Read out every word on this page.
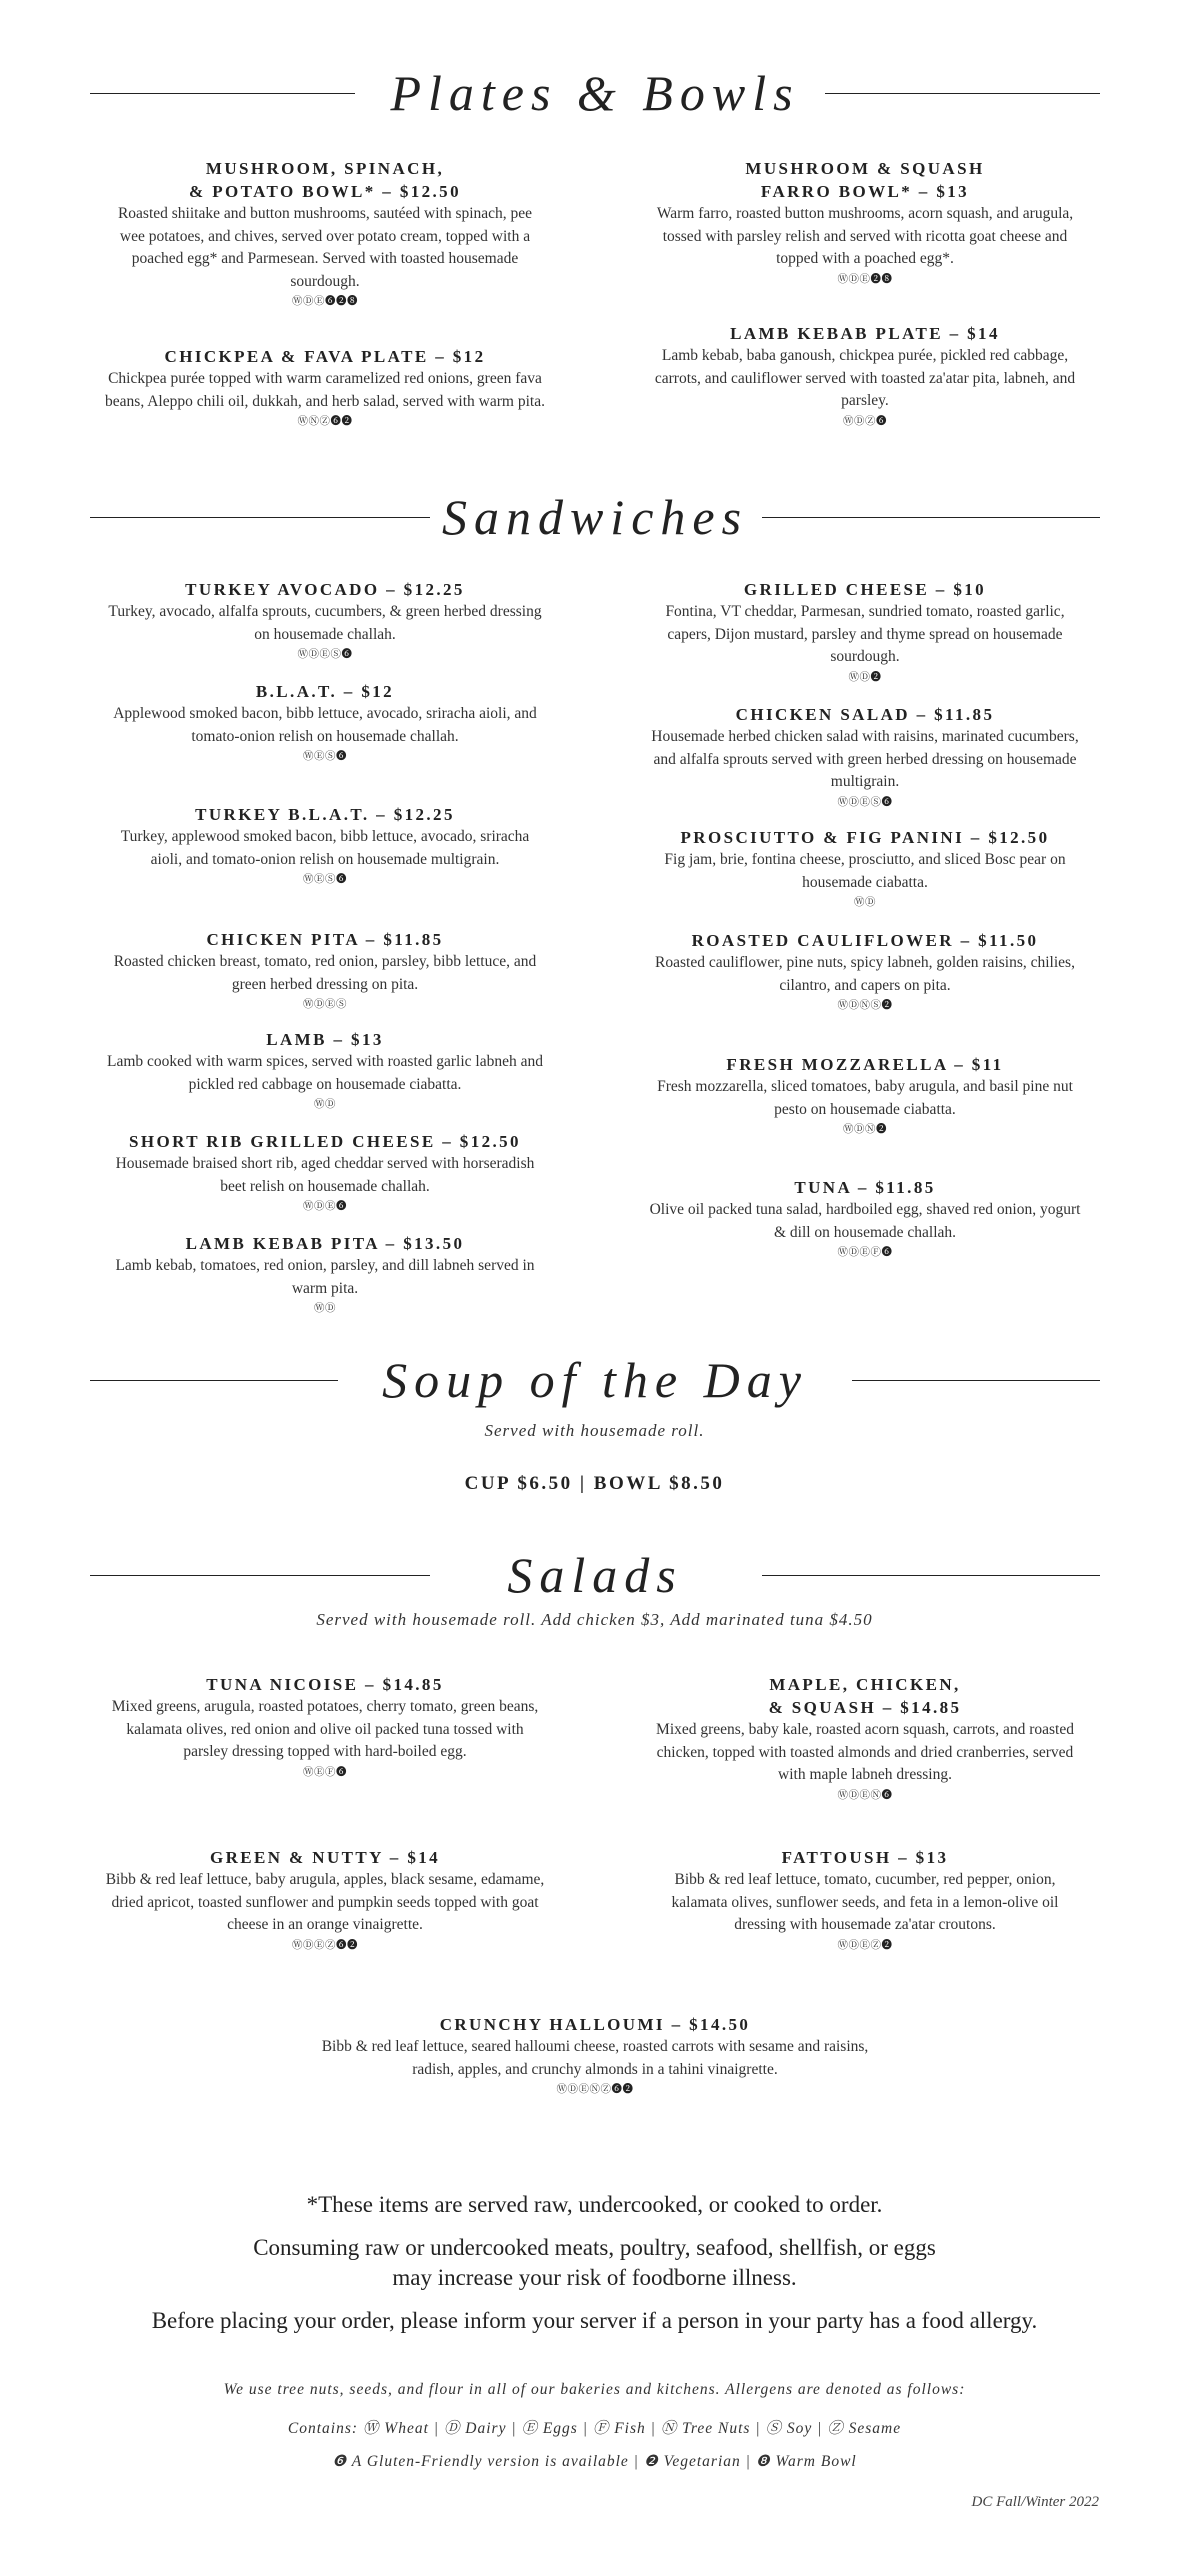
Plates & Bowls
MUSHROOM, SPINACH,
& POTATO BOWL* – $12.50
Roasted shiitake and button mushrooms, sautéed with spinach, pee wee potatoes, and chives, served over potato cream, topped with a poached egg* and Parmesean. Served with toasted housemade sourdough.
ⓌⒹⒺ❻❷❽
MUSHROOM & SQUASH
FARRO BOWL* – $13
Warm farro, roasted button mushrooms, acorn squash, and arugula, tossed with parsley relish and served with ricotta goat cheese and topped with a poached egg*.
ⓌⒹⒺ❷❽
CHICKPEA & FAVA PLATE – $12
Chickpea purée topped with warm caramelized red onions, green fava beans, Aleppo chili oil, dukkah, and herb salad, served with warm pita.
ⓌⓃⓏ❻❷
LAMB KEBAB PLATE – $14
Lamb kebab, baba ganoush, chickpea purée, pickled red cabbage, carrots, and cauliflower served with toasted za'atar pita, labneh, and parsley.
ⓌⒹⓏ❻
Sandwiches
TURKEY AVOCADO – $12.25
Turkey, avocado, alfalfa sprouts, cucumbers, & green herbed dressing on housemade challah.
ⓌⒹⒺⓈ❻
GRILLED CHEESE – $10
Fontina, VT cheddar, Parmesan, sundried tomato, roasted garlic, capers, Dijon mustard, parsley and thyme spread on housemade sourdough.
ⓌⒹ❷
B.L.A.T. – $12
Applewood smoked bacon, bibb lettuce, avocado, sriracha aioli, and tomato-onion relish on housemade challah.
ⓌⒺⓈ❻
CHICKEN SALAD – $11.85
Housemade herbed chicken salad with raisins, marinated cucumbers, and alfalfa sprouts served with green herbed dressing on housemade multigrain.
ⓌⒹⒺⓈ❻
TURKEY B.L.A.T. – $12.25
Turkey, applewood smoked bacon, bibb lettuce, avocado, sriracha aioli, and tomato-onion relish on housemade multigrain.
ⓌⒺⓈ❻
PROSCIUTTO & FIG PANINI – $12.50
Fig jam, brie, fontina cheese, prosciutto, and sliced Bosc pear on housemade ciabatta.
ⓌⒹ
CHICKEN PITA – $11.85
Roasted chicken breast, tomato, red onion, parsley, bibb lettuce, and green herbed dressing on pita.
ⓌⒹⒺⓈ
ROASTED CAULIFLOWER – $11.50
Roasted cauliflower, pine nuts, spicy labneh, golden raisins, chilies, cilantro, and capers on pita.
ⓌⒹⓃⓈ❷
LAMB – $13
Lamb cooked with warm spices, served with roasted garlic labneh and pickled red cabbage on housemade ciabatta.
ⓌⒹ
FRESH MOZZARELLA – $11
Fresh mozzarella, sliced tomatoes, baby arugula, and basil pine nut pesto on housemade ciabatta.
ⓌⒹⓃ❷
SHORT RIB GRILLED CHEESE – $12.50
Housemade braised short rib, aged cheddar served with horseradish beet relish on housemade challah.
ⓌⒹⒺ❻
TUNA – $11.85
Olive oil packed tuna salad, hardboiled egg, shaved red onion, yogurt & dill on housemade challah.
ⓌⒹⒺⒻ❻
LAMB KEBAB PITA – $13.50
Lamb kebab, tomatoes, red onion, parsley, and dill labneh served in warm pita.
ⓌⒹ
Soup of the Day
Served with housemade roll.
CUP $6.50 | BOWL $8.50
Salads
Served with housemade roll. Add chicken $3, Add marinated tuna $4.50
TUNA NICOISE – $14.85
Mixed greens, arugula, roasted potatoes, cherry tomato, green beans, kalamata olives, red onion and olive oil packed tuna tossed with parsley dressing topped with hard-boiled egg.
ⓌⒺⒻ❻
MAPLE, CHICKEN,
& SQUASH – $14.85
Mixed greens, baby kale, roasted acorn squash, carrots, and roasted chicken, topped with toasted almonds and dried cranberries, served with maple labneh dressing.
ⓌⒹⒺⓃ❻
GREEN & NUTTY – $14
Bibb & red leaf lettuce, baby arugula, apples, black sesame, edamame, dried apricot, toasted sunflower and pumpkin seeds topped with goat cheese in an orange vinaigrette.
ⓌⒹⒺⓏ❻❷
FATTOUSH – $13
Bibb & red leaf lettuce, tomato, cucumber, red pepper, onion, kalamata olives, sunflower seeds, and feta in a lemon-olive oil dressing with housemade za'atar croutons.
ⓌⒹⒺⓏ❷
CRUNCHY HALLOUMI – $14.50
Bibb & red leaf lettuce, seared halloumi cheese, roasted carrots with sesame and raisins, radish, apples, and crunchy almonds in a tahini vinaigrette.
ⓌⒹⒺⓃⓏ❻❷
*These items are served raw, undercooked, or cooked to order.
Consuming raw or undercooked meats, poultry, seafood, shellfish, or eggs
may increase your risk of foodborne illness.
Before placing your order, please inform your server if a person in your party has a food allergy.
We use tree nuts, seeds, and flour in all of our bakeries and kitchens. Allergens are denoted as follows:
Contains: Ⓦ Wheat | Ⓓ Dairy | Ⓔ Eggs | Ⓕ Fish | Ⓝ Tree Nuts | Ⓢ Soy | Ⓩ Sesame
❻ A Gluten-Friendly version is available | ❷ Vegetarian | ❽ Warm Bowl
DC Fall/Winter 2022
